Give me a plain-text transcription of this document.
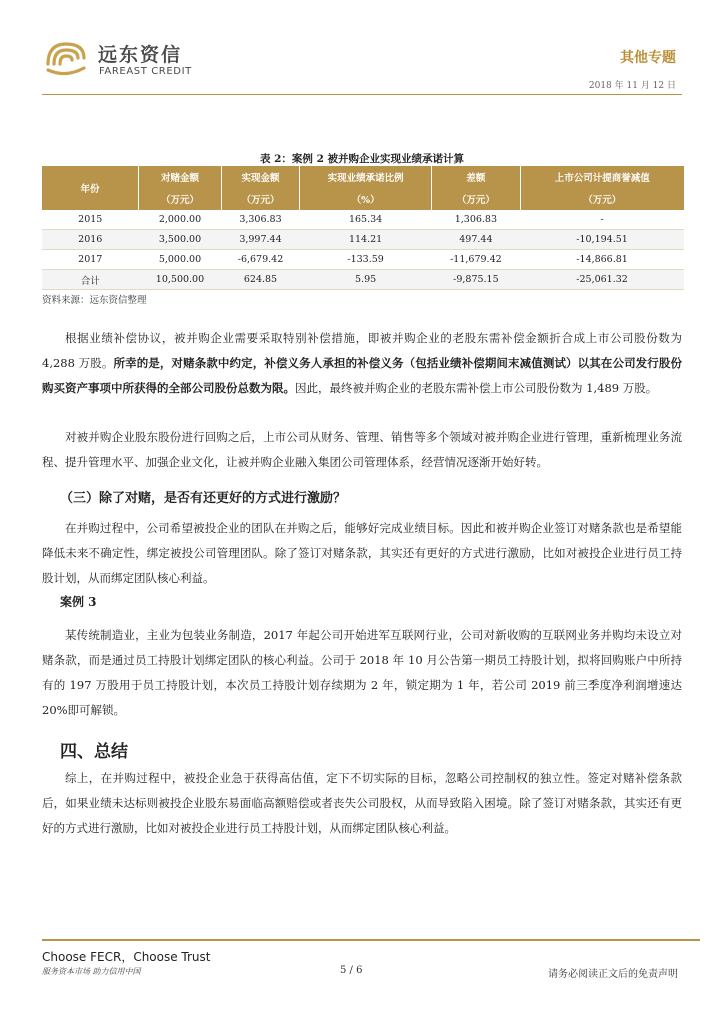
远东资信
FAREAST CREDIT
其他专题
2018 年 11 月 12 日
表 2：案例 2 被并购企业实现业绩承诺计算
年份	对赌金额	实现金额	实现业绩承诺比例	差额	上市公司计提商誉减值
	（万元）	（万元）	（%）	（万元）	（万元）
2015	2,000.00	3,306.83	165.34	1,306.83	-
2016	3,500.00	3,997.44	114.21	497.44	-10,194.51
2017	5,000.00	-6,679.42	-133.59	-11,679.42	-14,866.81
合计	10,500.00	624.85	5.95	-9,875.15	-25,061.32
资料来源：远东资信整理

根据业绩补偿协议，被并购企业需要采取特别补偿措施，即被并购企业的老股东需补偿金额折合成上市公司股份数为 4,288 万股。所幸的是，对赌条款中约定，补偿义务人承担的补偿义务（包括业绩补偿期间末减值测试）以其在公司发行股份购买资产事项中所获得的全部公司股份总数为限。因此，最终被并购企业的老股东需补偿上市公司股份数为 1,489 万股。

对被并购企业股东股份进行回购之后，上市公司从财务、管理、销售等多个领域对被并购企业进行管理，重新梳理业务流程、提升管理水平、加强企业文化，让被并购企业融入集团公司管理体系，经营情况逐渐开始好转。

（三）除了对赌，是否有还更好的方式进行激励？

在并购过程中，公司希望被投企业的团队在并购之后，能够好完成业绩目标。因此和被并购企业签订对赌条款也是希望能降低未来不确定性，绑定被投公司管理团队。除了签订对赌条款，其实还有更好的方式进行激励，比如对被投企业进行员工持股计划，从而绑定团队核心利益。

案例 3

某传统制造业，主业为包装业务制造，2017 年起公司开始进军互联网行业，公司对新收购的互联网业务并购均未设立对赌条款，而是通过员工持股计划绑定团队的核心利益。公司于 2018 年 10 月公告第一期员工持股计划，拟将回购账户中所持有的 197 万股用于员工持股计划，本次员工持股计划存续期为 2 年，锁定期为 1 年，若公司 2019 前三季度净利润增速达 20%即可解锁。

四、总结

综上，在并购过程中，被投企业急于获得高估值，定下不切实际的目标，忽略公司控制权的独立性。签定对赌补偿条款后，如果业绩未达标则被投企业股东易面临高额赔偿或者丧失公司股权，从而导致陷入困境。除了签订对赌条款，其实还有更好的方式进行激励，比如对被投企业进行员工持股计划，从而绑定团队核心利益。

Choose FECR，Choose Trust
服务资本市场 助力信用中国	5 / 6	请务必阅读正文后的免责声明
